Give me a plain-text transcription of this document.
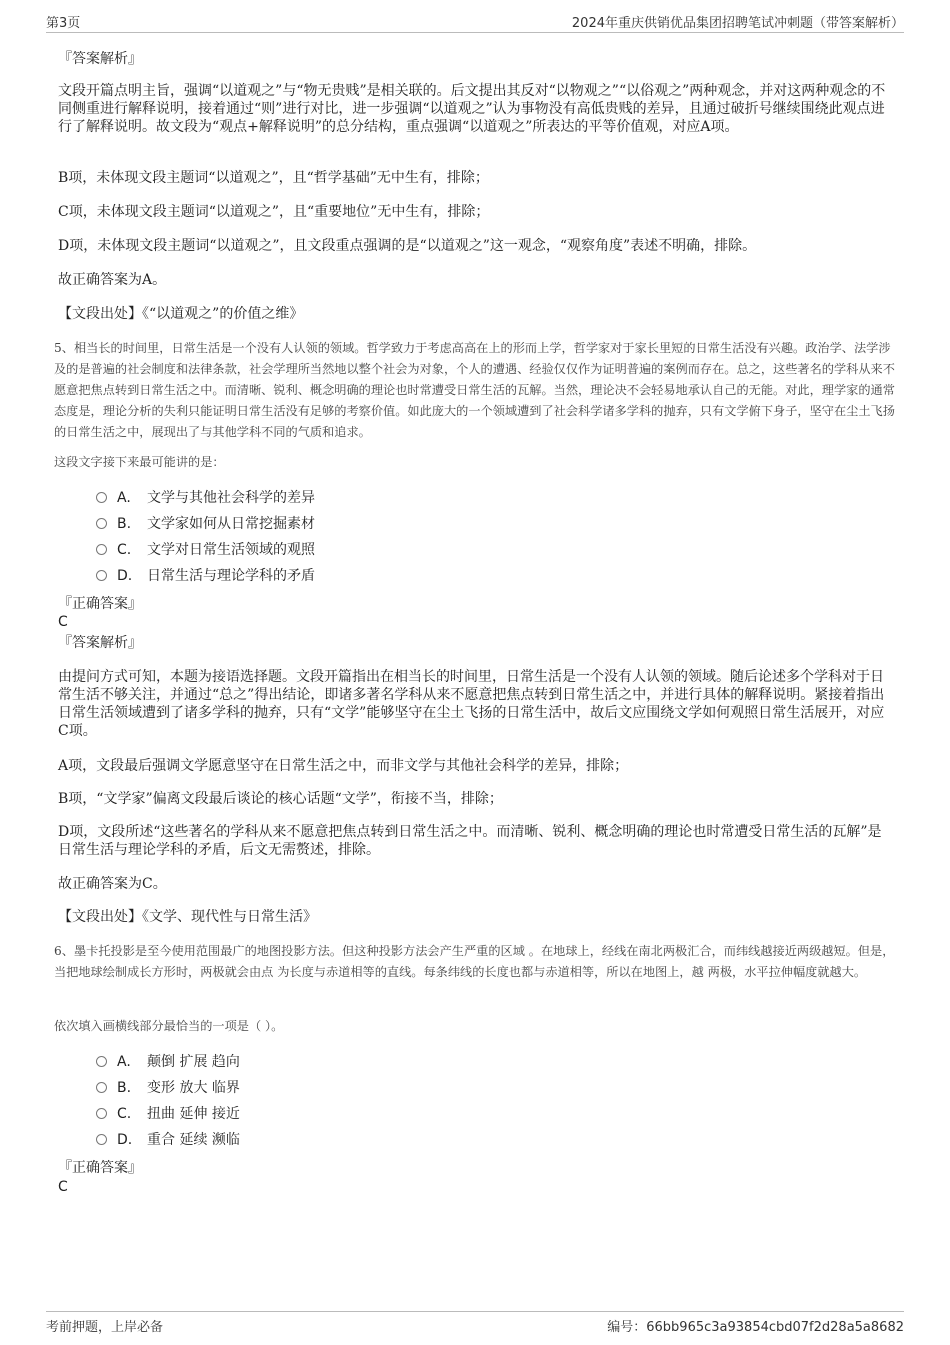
第3页	2024年重庆供销优品集团招聘笔试冲刺题（带答案解析）
『答案解析』
文段开篇点明主旨，强调“以道观之”与“物无贵贱”是相关联的。后文提出其反对“以物观之”“以俗观之”两种观念，并对这两种观念的不同侧重进行解释说明，接着通过“则”进行对比，进一步强调“以道观之”认为事物没有高低贵贱的差异，且通过破折号继续围绕此观点进行了解释说明。故文段为“观点+解释说明”的总分结构，重点强调“以道观之”所表达的平等价值观，对应A项。
B项，未体现文段主题词“以道观之”，且“哲学基础”无中生有，排除；
C项，未体现文段主题词“以道观之”，且“重要地位”无中生有，排除；
D项，未体现文段主题词“以道观之”，且文段重点强调的是“以道观之”这一观念，“观察角度”表述不明确，排除。
故正确答案为A。
【文段出处】《“以道观之”的价值之维》
5、相当长的时间里，日常生活是一个没有人认领的领域。哲学致力于考虑高高在上的形而上学，哲学家对于家长里短的日常生活没有兴趣。政治学、法学涉及的是普遍的社会制度和法律条款，社会学理所当然地以整个社会为对象，个人的遭遇、经验仅仅作为证明普遍的案例而存在。总之，这些著名的学科从来不愿意把焦点转到日常生活之中。而清晰、锐利、概念明确的理论也时常遭受日常生活的瓦解。当然，理论决不会轻易地承认自己的无能。对此，理学家的通常态度是，理论分析的失利只能证明日常生活没有足够的考察价值。如此庞大的一个领域遭到了社会科学诸多学科的抛弃，只有文学俯下身子，坚守在尘土飞扬的日常生活之中，展现出了与其他学科不同的气质和追求。
这段文字接下来最可能讲的是：
A. 文学与其他社会科学的差异
B. 文学家如何从日常挖掘素材
C. 文学对日常生活领域的观照
D. 日常生活与理论学科的矛盾
『正确答案』
C
『答案解析』
由提问方式可知，本题为接语选择题。文段开篇指出在相当长的时间里，日常生活是一个没有人认领的领域。随后论述多个学科对于日常生活不够关注，并通过“总之”得出结论，即诸多著名学科从来不愿意把焦点转到日常生活之中，并进行具体的解释说明。紧接着指出日常生活领域遭到了诸多学科的抛弃，只有“文学”能够坚守在尘土飞扬的日常生活中，故后文应围绕文学如何观照日常生活展开，对应C项。
A项，文段最后强调文学愿意坚守在日常生活之中，而非文学与其他社会科学的差异，排除；
B项，“文学家”偏离文段最后谈论的核心话题“文学”，衔接不当，排除；
D项，文段所述“这些著名的学科从来不愿意把焦点转到日常生活之中。而清晰、锐利、概念明确的理论也时常遭受日常生活的瓦解”是日常生活与理论学科的矛盾，后文无需赘述，排除。
故正确答案为C。
【文段出处】《文学、现代性与日常生活》
6、墨卡托投影是至今使用范围最广的地图投影方法。但这种投影方法会产生严重的区域 。在地球上，经线在南北两极汇合，而纬线越接近两级越短。但是，当把地球绘制成长方形时，两极就会由点 为长度与赤道相等的直线。每条纬线的长度也都与赤道相等，所以在地图上，越 两极，水平拉伸幅度就越大。
依次填入画横线部分最恰当的一项是（ ）。
A. 颠倒 扩展 趋向
B. 变形 放大 临界
C. 扭曲 延伸 接近
D. 重合 延续 濒临
『正确答案』
C
考前押题，上岸必备	编号：66bb965c3a93854cbd07f2d28a5a8682
